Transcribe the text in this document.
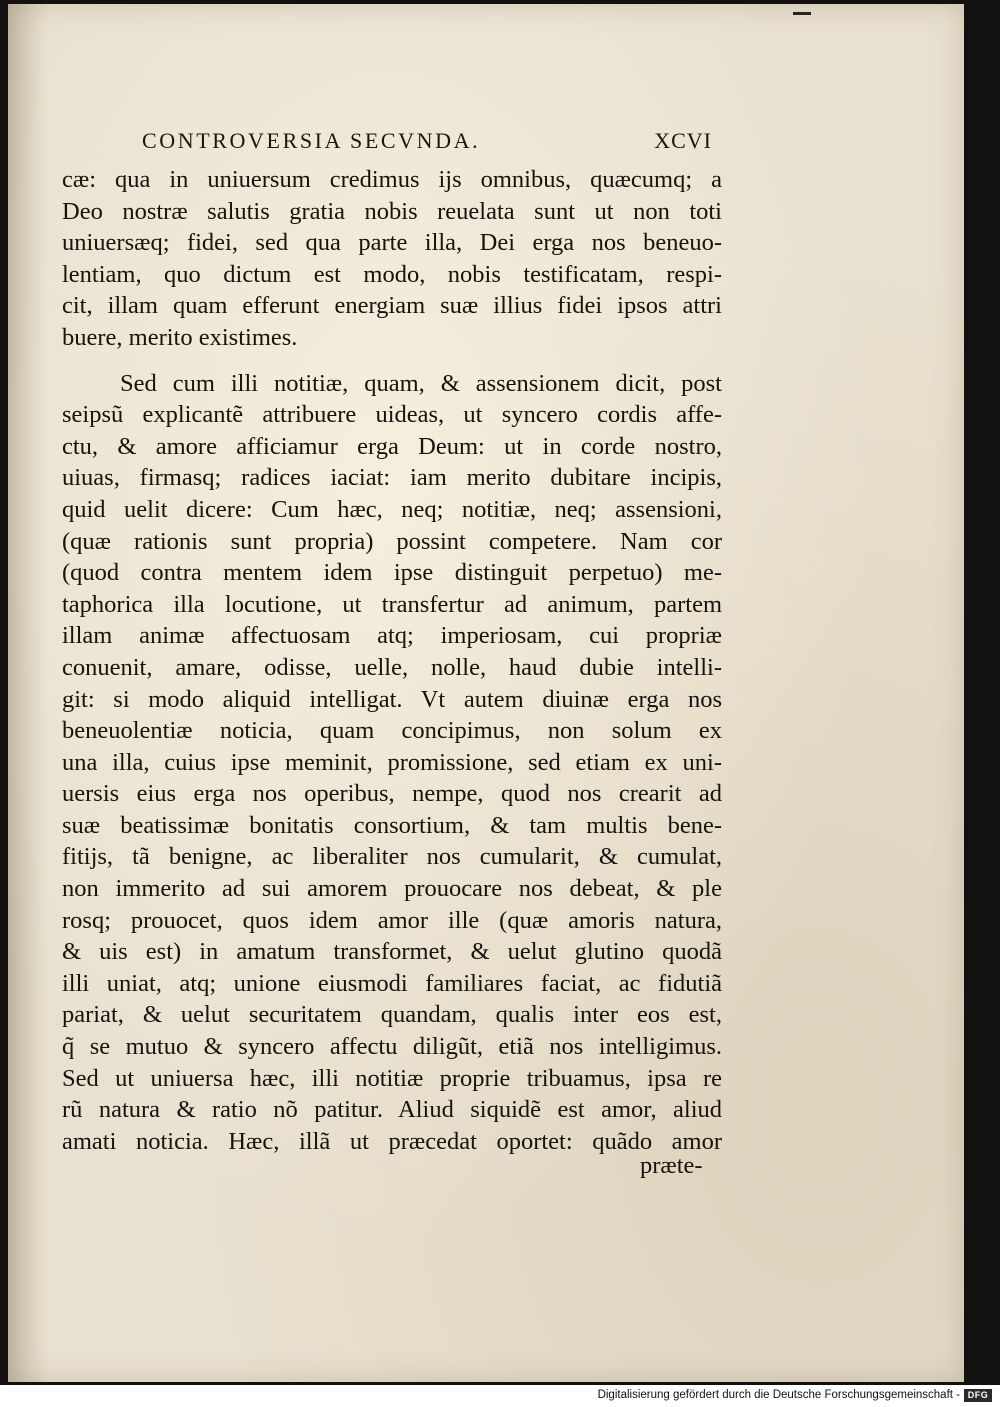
CONTROVERSIA SECVNDA.	XCVI
cæ: qua in uniuersum credimus ijs omnibus, quæcumq; a
Deo nostræ salutis gratia nobis reuelata sunt ut non toti
uniuersæq; fidei, sed qua parte illa, Dei erga nos beneuo-
lentiam, quo dictum est modo, nobis testificatam, respi-
cit, illam quam efferunt energiam suæ illius fidei ipsos attri
buere, merito existimes.
Sed cum illi notitiæ, quam, & assensionem dicit, post
seipsũ explicantẽ attribuere uideas, ut syncero cordis affe-
ctu, & amore afficiamur erga Deum: ut in corde nostro,
uiuas, firmasq; radices iaciat: iam merito dubitare incipis,
quid uelit dicere: Cum hæc, neq; notitiæ, neq; assensioni,
(quæ rationis sunt propria) possint competere. Nam cor
(quod contra mentem idem ipse distinguit perpetuo) me-
taphorica illa locutione, ut transfertur ad animum, partem
illam animæ affectuosam atq; imperiosam, cui propriæ
conuenit, amare, odisse, uelle, nolle, haud dubie intelli-
git: si modo aliquid intelligat. Vt autem diuinæ erga nos
beneuolentiæ noticia, quam concipimus, non solum ex
una illa, cuius ipse meminit, promissione, sed etiam ex uni-
uersis eius erga nos operibus, nempe, quod nos crearit ad
suæ beatissimæ bonitatis consortium, & tam multis bene-
fitijs, tã benigne, ac liberaliter nos cumularit, & cumulat,
non immerito ad sui amorem prouocare nos debeat, & ple
rosq; prouocet, quos idem amor ille (quæ amoris natura,
& uis est) in amatum transformet, & uelut glutino quodã
illi uniat, atq; unione eiusmodi familiares faciat, ac fidutiã
pariat, & uelut securitatem quandam, qualis inter eos est,
q̃ se mutuo & syncero affectu diligũt, etiã nos intelligimus.
Sed ut uniuersa hæc, illi notitiæ proprie tribuamus, ipsa re
rũ natura & ratio nõ patitur. Aliud siquidẽ est amor, aliud
amati noticia. Hæc, illã ut præcedat oportet: quãdo amor
præte-
Digitalisierung gefördert durch die Deutsche Forschungsgemeinschaft - DFG
